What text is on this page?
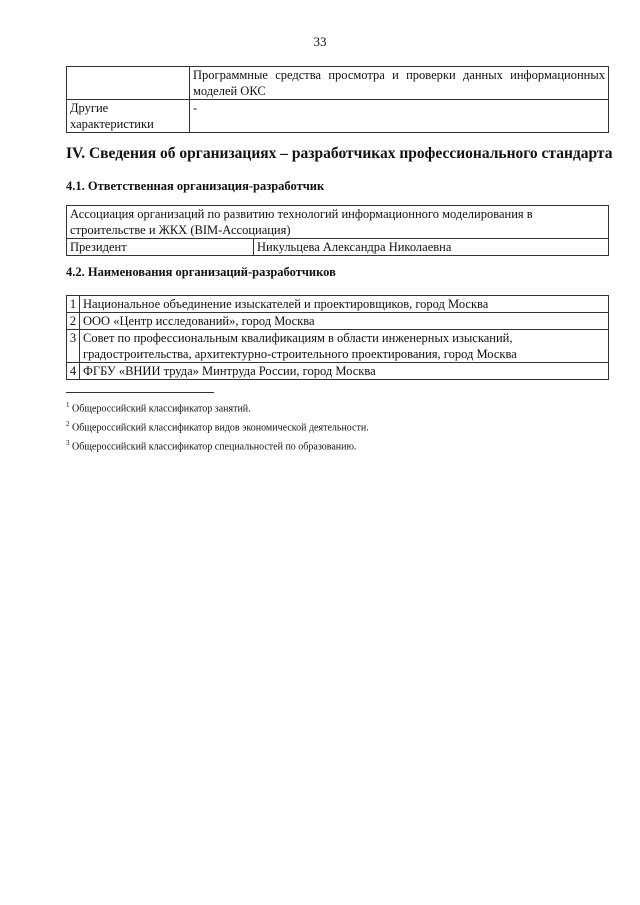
33
	Программные средства просмотра и проверки данных информационных моделей ОКС
Другие характеристики	-
IV. Сведения об организациях – разработчиках профессионального стандарта
4.1. Ответственная организация-разработчик
Ассоциация организаций по развитию технологий информационного моделирования в строительстве и ЖКХ (BIM-Ассоциация)
Президент	Никульцева Александра Николаевна
4.2. Наименования организаций-разработчиков
1	Национальное объединение изыскателей и проектировщиков, город Москва
2	ООО «Центр исследований», город Москва
3	Совет по профессиональным квалификациям в области инженерных изысканий, градостроительства, архитектурно-строительного проектирования, город Москва
4	ФГБУ «ВНИИ труда» Минтруда России, город Москва
$^1$ Общероссийский классификатор занятий.
$^2$ Общероссийский классификатор видов экономической деятельности.
$^3$ Общероссийский классификатор специальностей по образованию.
